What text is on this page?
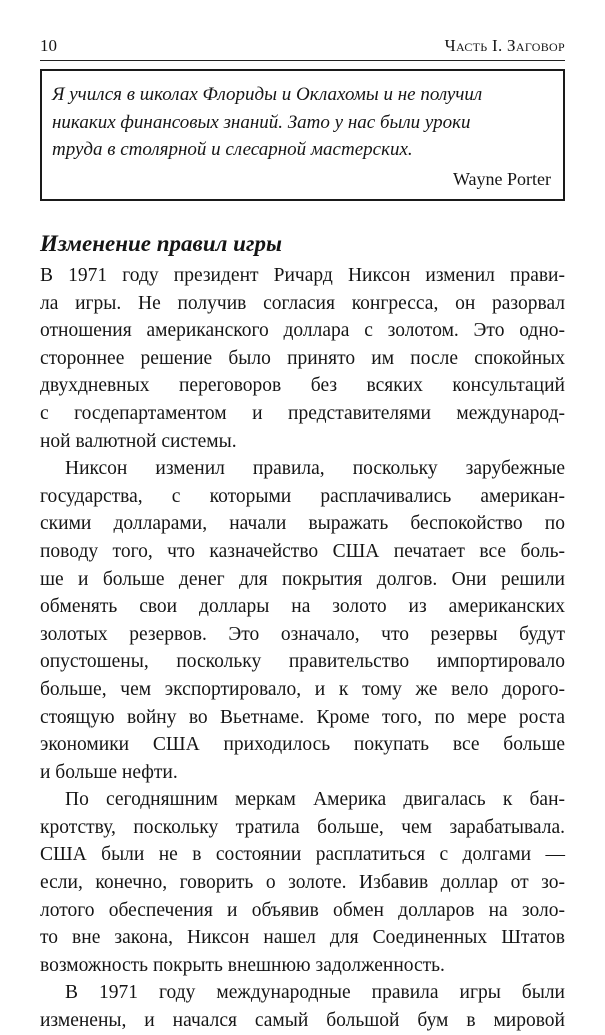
10	Часть I. Заговор

Я учился в школах Флориды и Оклахомы и не получил
никаких финансовых знаний. Зато у нас были уроки
труда в столярной и слесарной мастерских.

Wayne Porter
Изменение правил игры

В 1971 году президент Ричард Никсон изменил прави-
ла игры. Не получив согласия конгресса, он разорвал
отношения американского доллара с золотом. Это одно-
стороннее решение было принято им после спокойных
двухдневных переговоров без всяких консультаций
с госдепартаментом и представителями международ-
ной валютной системы.

Никсон изменил правила, поскольку зарубежные
государства, с которыми расплачивались американ-
скими долларами, начали выражать беспокойство по
поводу того, что казначейство США печатает все боль-
ше и больше денег для покрытия долгов. Они решили
обменять свои доллары на золото из американских
золотых резервов. Это означало, что резервы будут
опустошены, поскольку правительство импортировало
больше, чем экспортировало, и к тому же вело дорого-
стоящую войну во Вьетнаме. Кроме того, по мере роста
экономики США приходилось покупать все больше
и больше нефти.

По сегодняшним меркам Америка двигалась к бан-
кротству, поскольку тратила больше, чем зарабатывала.
США были не в состоянии расплатиться с долгами —
если, конечно, говорить о золоте. Избавив доллар от зо-
лотого обеспечения и объявив обмен долларов на золо-
то вне закона, Никсон нашел для Соединенных Штатов
возможность покрыть внешнюю задолженность.

В 1971 году международные правила игры были
изменены, и начался самый большой бум в мировой
